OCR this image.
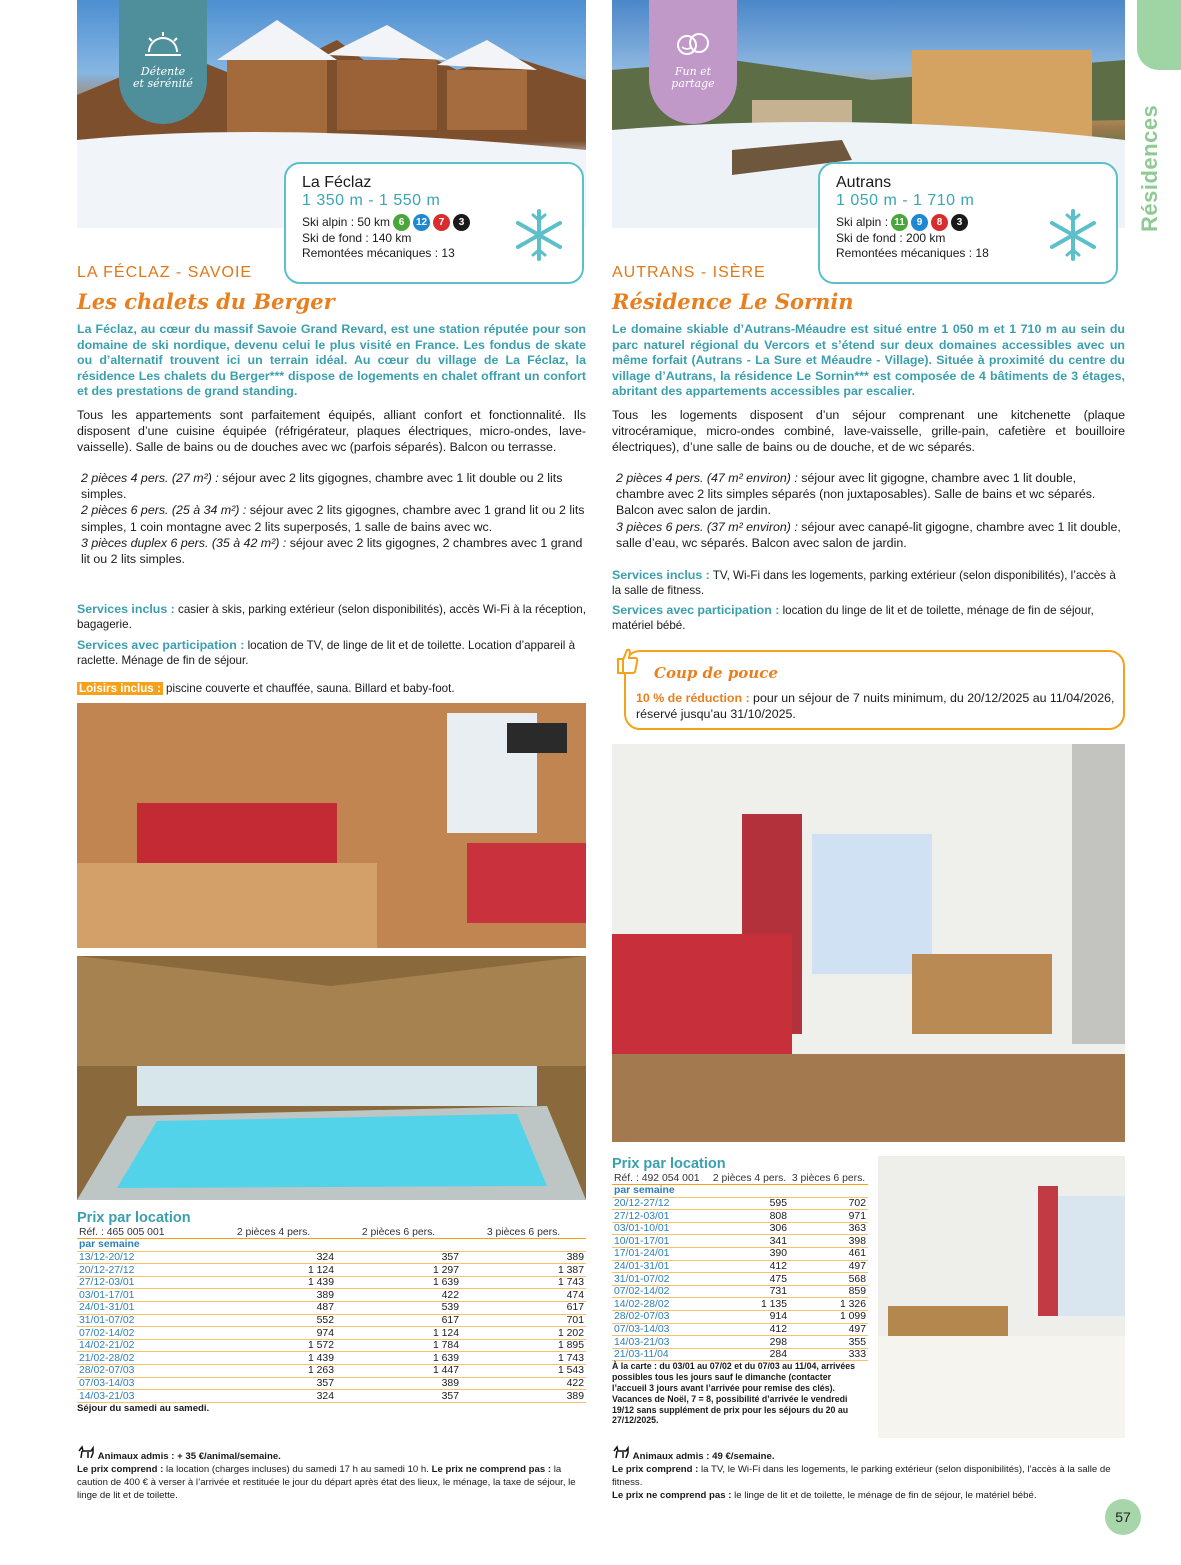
Résidences
Détente
et sérénité
La Féclaz
1 350 m - 1 550 m
Ski alpin : 50 km 6	12	7	3
Ski de fond : 140 km
Remontées mécaniques : 13
LA FÉCLAZ - SAVOIE
Les chalets du Berger
La Féclaz, au cœur du massif Savoie Grand Revard, est une station réputée pour son domaine de ski nordique, devenu celui le plus visité en France. Les fondus de skate ou d’alternatif trouvent ici un terrain idéal. Au cœur du village de La Féclaz, la résidence Les chalets du Berger*** dispose de logements en chalet offrant un confort et des prestations de grand standing.
Tous les appartements sont parfaitement équipés, alliant confort et fonctionnalité. Ils disposent d’une cuisine équipée (réfrigérateur, plaques électriques, micro-ondes, lave-vaisselle). Salle de bains ou de douches avec wc (parfois séparés). Balcon ou terrasse.
2 pièces 4 pers. (27 m²) : séjour avec 2 lits gigognes, chambre avec 1 lit double ou 2 lits simples.
2 pièces 6 pers. (25 à 34 m²) : séjour avec 2 lits gigognes, chambre avec 1 grand lit ou 2 lits simples, 1 coin montagne avec 2 lits superposés, 1 salle de bains avec wc.
3 pièces duplex 6 pers. (35 à 42 m²) : séjour avec 2 lits gigognes, 2 chambres avec 1 grand lit ou 2 lits simples.
Services inclus : casier à skis, parking extérieur (selon disponibilités), accès Wi-Fi à la réception, bagagerie.
Services avec participation : location de TV, de linge de lit et de toilette. Location d’appareil à raclette. Ménage de fin de séjour.
Loisirs inclus : piscine couverte et chauffée, sauna. Billard et baby-foot.
Prix par location
Réf. : 465 005 001	2 pièces 4 pers.	2 pièces 6 pers.	3 pièces 6 pers.
par semaine			
13/12-20/12	324	357	389
20/12-27/12	1 124	1 297	1 387
27/12-03/01	1 439	1 639	1 743
03/01-17/01	389	422	474
24/01-31/01	487	539	617
31/01-07/02	552	617	701
07/02-14/02	974	1 124	1 202
14/02-21/02	1 572	1 784	1 895
21/02-28/02	1 439	1 639	1 743
28/02-07/03	1 263	1 447	1 543
07/03-14/03	357	389	422
14/03-21/03	324	357	389
Séjour du samedi au samedi.
Animaux admis : + 35 €/animal/semaine.
Le prix comprend : la location (charges incluses) du samedi 17 h au samedi 10 h. Le prix ne comprend pas : la caution de 400 € à verser à l’arrivée et restituée le jour du départ après état des lieux, le ménage, la taxe de séjour, le linge de lit et de toilette.
Fun et
partage
Autrans
1 050 m - 1 710 m
Ski alpin : 11	9	8	3
Ski de fond : 200 km
Remontées mécaniques : 18
AUTRANS - ISÈRE
Résidence Le Sornin
Le domaine skiable d’Autrans-Méaudre est situé entre 1 050 m et 1 710 m au sein du parc naturel régional du Vercors et s’étend sur deux domaines accessibles avec un même forfait (Autrans - La Sure et Méaudre - Village). Située à proximité du centre du village d’Autrans, la résidence Le Sornin*** est composée de 4 bâtiments de 3 étages, abritant des appartements accessibles par escalier.
Tous les logements disposent d’un séjour comprenant une kitchenette (plaque vitrocéramique, micro-ondes combiné, lave-vaisselle, grille-pain, cafetière et bouilloire électriques), d’une salle de bains ou de douche, et de wc séparés.
2 pièces 4 pers. (47 m² environ) : séjour avec lit gigogne, chambre avec 1 lit double, chambre avec 2 lits simples séparés (non juxtaposables). Salle de bains et wc séparés. Balcon avec salon de jardin.
3 pièces 6 pers. (37 m² environ) : séjour avec canapé-lit gigogne, chambre avec 1 lit double, salle d’eau, wc séparés. Balcon avec salon de jardin.
Services inclus : TV, Wi-Fi dans les logements, parking extérieur (selon disponibilités), l’accès à la salle de fitness.
Services avec participation : location du linge de lit et de toilette, ménage de fin de séjour, matériel bébé.
Coup de pouce
10 % de réduction : pour un séjour de 7 nuits minimum, du 20/12/2025 au 11/04/2026, réservé jusqu’au 31/10/2025.
Prix par location
Réf. : 492 054 001	2 pièces 4 pers.	3 pièces 6 pers.
par semaine		
20/12-27/12	595	702
27/12-03/01	808	971
03/01-10/01	306	363
10/01-17/01	341	398
17/01-24/01	390	461
24/01-31/01	412	497
31/01-07/02	475	568
07/02-14/02	731	859
14/02-28/02	1 135	1 326
28/02-07/03	914	1 099
07/03-14/03	412	497
14/03-21/03	298	355
21/03-11/04	284	333
À la carte : du 03/01 au 07/02 et du 07/03 au 11/04, arrivées possibles tous les jours sauf le dimanche (contacter l’accueil 3 jours avant l’arrivée pour remise des clés). Vacances de Noël, 7 = 8, possibilité d’arrivée le vendredi 19/12 sans supplément de prix pour les séjours du 20 au 27/12/2025.
Animaux admis : 49 €/semaine.
Le prix comprend : la TV, le Wi-Fi dans les logements, le parking extérieur (selon disponibilités), l’accès à la salle de fitness.
Le prix ne comprend pas : le linge de lit et de toilette, le ménage de fin de séjour, le matériel bébé.
57
